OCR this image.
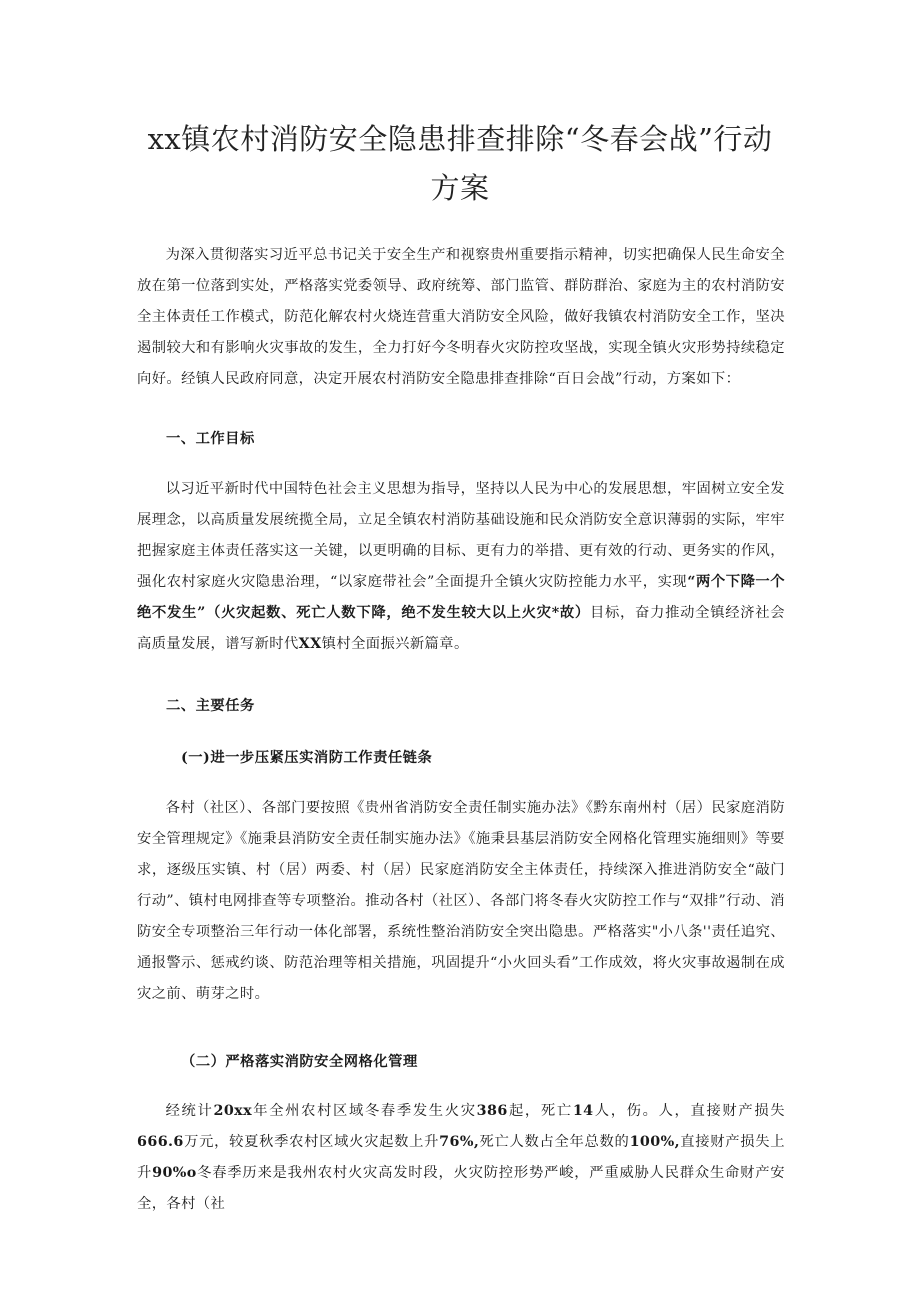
xx镇农村消防安全隐患排查排除“冬春会战”行动
方案
为深入贯彻落实习近平总书记关于安全生产和视察贵州重要指示精神，切实把确保人民生命安全放在第一位落到实处，严格落实党委领导、政府统筹、部门监管、群防群治、家庭为主的农村消防安全主体责任工作模式，防范化解农村火烧连营重大消防安全风险，做好我镇农村消防安全工作，坚决遏制较大和有影响火灾事故的发生，全力打好今冬明春火灾防控攻坚战，实现全镇火灾形势持续稳定向好。经镇人民政府同意，决定开展农村消防安全隐患排查排除“百日会战”行动，方案如下：
一、工作目标
以习近平新时代中国特色社会主义思想为指导，坚持以人民为中心的发展思想，牢固树立安全发展理念，以高质量发展统揽全局，立足全镇农村消防基础设施和民众消防安全意识薄弱的实际，牢牢把握家庭主体责任落实这一关键，以更明确的目标、更有力的举措、更有效的行动、更务实的作风，强化农村家庭火灾隐患治理，“以家庭带社会”全面提升全镇火灾防控能力水平，实现“两个下降一个绝不发生”（火灾起数、死亡人数下降，绝不发生较大以上火灾*故）目标，奋力推动全镇经济社会高质量发展，谱写新时代XX镇村全面振兴新篇章。
二、主要任务
(一)进一步压紧压实消防工作责任链条
各村（社区）、各部门要按照《贵州省消防安全责任制实施办法》《黔东南州村（居）民家庭消防安全管理规定》《施秉县消防安全责任制实施办法》《施秉县基层消防安全网格化管理实施细则》等要求，逐级压实镇、村（居）两委、村（居）民家庭消防安全主体责任，持续深入推进消防安全“敲门行动”、镇村电网排查等专项整治。推动各村（社区）、各部门将冬春火灾防控工作与“双排”行动、消防安全专项整治三年行动一体化部署，系统性整治消防安全突出隐患。严格落实"小八条''责任追究、通报警示、惩戒约谈、防范治理等相关措施，巩固提升“小火回头看”工作成效，将火灾事故遏制在成灾之前、萌芽之时。
（二）严格落实消防安全网格化管理
经统计20xx年全州农村区域冬春季发生火灾386起，死亡14人，伤。人，直接财产损失666.6万元，较夏秋季农村区域火灾起数上升76%,死亡人数占全年总数的100%,直接财产损失上升90%o冬春季历来是我州农村火灾高发时段，火灾防控形势严峻，严重威胁人民群众生命财产安全，各村（社
